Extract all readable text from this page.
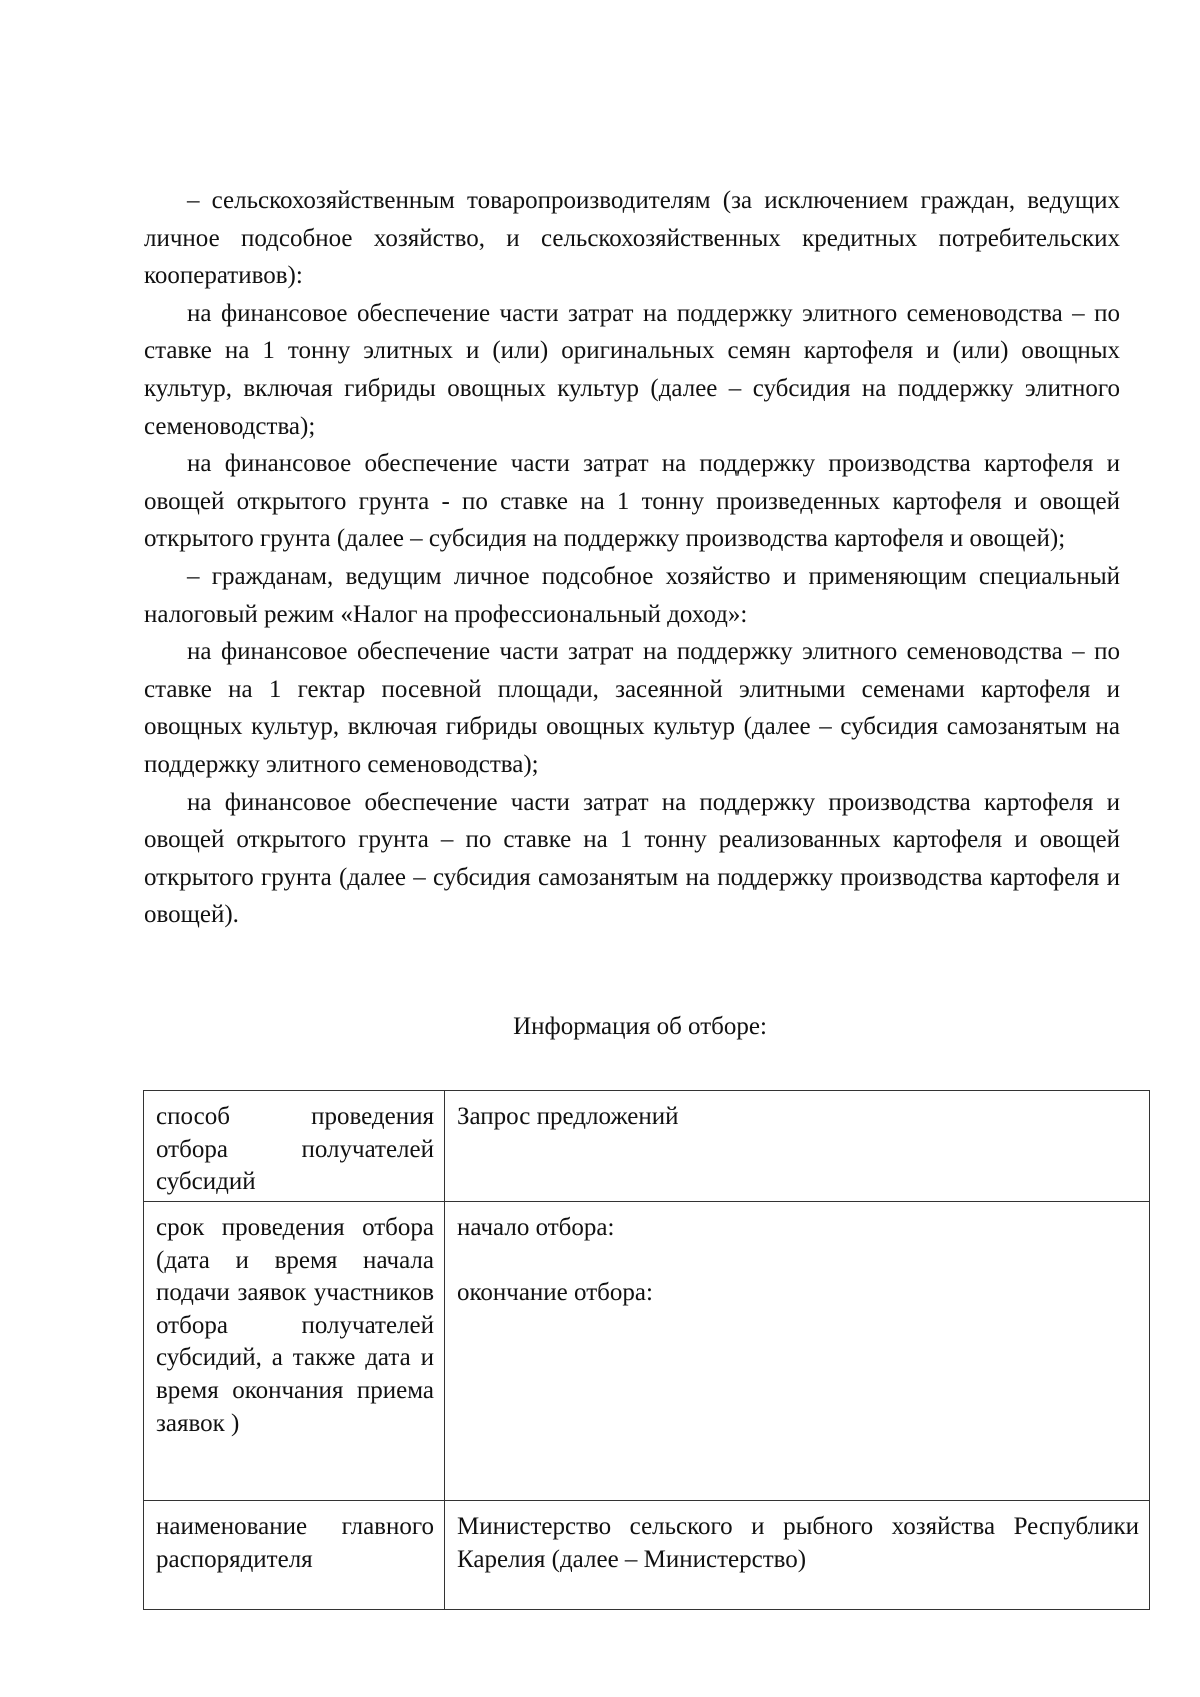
– сельскохозяйственным товаропроизводителям (за исключением граждан, ведущих личное подсобное хозяйство, и сельскохозяйственных кредитных потребительских кооперативов):

на финансовое обеспечение части затрат на поддержку элитного семеноводства – по ставке на 1 тонну элитных и (или) оригинальных семян картофеля и (или) овощных культур, включая гибриды овощных культур (далее – субсидия на поддержку элитного семеноводства);

на финансовое обеспечение части затрат на поддержку производства картофеля и овощей открытого грунта - по ставке на 1 тонну произведенных картофеля и овощей открытого грунта (далее – субсидия на поддержку производства картофеля и овощей);

– гражданам, ведущим личное подсобное хозяйство и применяющим специальный налоговый режим «Налог на профессиональный доход»:

на финансовое обеспечение части затрат на поддержку элитного семеноводства – по ставке на 1 гектар посевной площади, засеянной элитными семенами картофеля и овощных культур, включая гибриды овощных культур (далее – субсидия самозанятым на поддержку элитного семеноводства);

на финансовое обеспечение части затрат на поддержку производства картофеля и овощей открытого грунта – по ставке на 1 тонну реализованных картофеля и овощей открытого грунта (далее – субсидия самозанятым на поддержку производства картофеля и овощей).

Информация об отборе:
способ проведения отбора получателей субсидий	Запрос предложений
срок проведения отбора (дата и время начала подачи заявок участников отбора получателей субсидий, а также дата и время окончания приема заявок )	начало отбора:
окончание отбора:

наименование главного распорядителя	Министерство сельского и рыбного хозяйства Республики Карелия (далее – Министерство)
